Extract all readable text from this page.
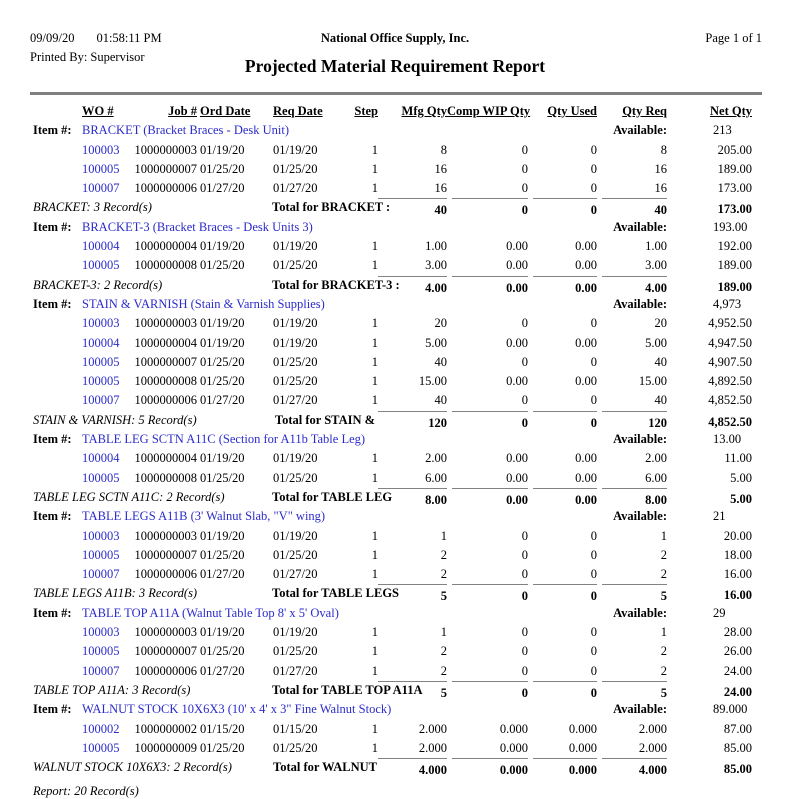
09/09/20 01:58:11 PM	National Office Supply, Inc.	Page 1 of 1
Printed By: Supervisor	Projected Material Requirement Report
WO #	Job # Ord Date	Req Date	Step	Mfg Qty Comp WIP Qty	Qty Used	Qty Req	Net Qty
Item #: BRACKET (Bracket Braces - Desk Unit)	Available:	213
100003	1000000003 01/19/20	01/19/20	1	8	0	0	8	205.00
100005	1000000007 01/25/20	01/25/20	1	16	0	0	16	189.00
100007	1000000006 01/27/20	01/27/20	1	16	0	0	16	173.00
BRACKET: 3 Record(s)	Total for BRACKET :	40	0	0	40	173.00
Item #: BRACKET-3 (Bracket Braces - Desk Units 3)	Available:	193.00
100004	1000000004 01/19/20	01/19/20	1	1.00	0.00	0.00	1.00	192.00
100005	1000000008 01/25/20	01/25/20	1	3.00	0.00	0.00	3.00	189.00
BRACKET-3: 2 Record(s)	Total for BRACKET-3 :	4.00	0.00	0.00	4.00	189.00
Item #: STAIN & VARNISH (Stain & Varnish Supplies)	Available:	4,973
100003	1000000003 01/19/20	01/19/20	1	20	0	0	20	4,952.50
100004	1000000004 01/19/20	01/19/20	1	5.00	0.00	0.00	5.00	4,947.50
100005	1000000007 01/25/20	01/25/20	1	40	0	0	40	4,907.50
100005	1000000008 01/25/20	01/25/20	1	15.00	0.00	0.00	15.00	4,892.50
100007	1000000006 01/27/20	01/27/20	1	40	0	0	40	4,852.50
STAIN & VARNISH: 5 Record(s)	Total for STAIN &	120	0	0	120	4,852.50
Item #: TABLE LEG SCTN A11C (Section for A11b Table Leg)	Available:	13.00
100004	1000000004 01/19/20	01/19/20	1	2.00	0.00	0.00	2.00	11.00
100005	1000000008 01/25/20	01/25/20	1	6.00	0.00	0.00	6.00	5.00
TABLE LEG SCTN A11C: 2 Record(s)	Total for TABLE LEG	8.00	0.00	0.00	8.00	5.00
Item #: TABLE LEGS A11B (3' Walnut Slab, "V" wing)	Available:	21
100003	1000000003 01/19/20	01/19/20	1	1	0	0	1	20.00
100005	1000000007 01/25/20	01/25/20	1	2	0	0	2	18.00
100007	1000000006 01/27/20	01/27/20	1	2	0	0	2	16.00
TABLE LEGS A11B: 3 Record(s)	Total for TABLE LEGS	5	0	0	5	16.00
Item #: TABLE TOP A11A (Walnut Table Top 8' x 5' Oval)	Available:	29
100003	1000000003 01/19/20	01/19/20	1	1	0	0	1	28.00
100005	1000000007 01/25/20	01/25/20	1	2	0	0	2	26.00
100007	1000000006 01/27/20	01/27/20	1	2	0	0	2	24.00
TABLE TOP A11A: 3 Record(s)	Total for TABLE TOP A11A	5	0	0	5	24.00
Item #: WALNUT STOCK 10X6X3 (10' x 4' x 3" Fine Walnut Stock)	Available:	89.000
100002	1000000002 01/15/20	01/15/20	1	2.000	0.000	0.000	2.000	87.00
100005	1000000009 01/25/20	01/25/20	1	2.000	0.000	0.000	2.000	85.00
WALNUT STOCK 10X6X3: 2 Record(s)	Total for WALNUT	4.000	0.000	0.000	4.000	85.00
Report: 20 Record(s)
